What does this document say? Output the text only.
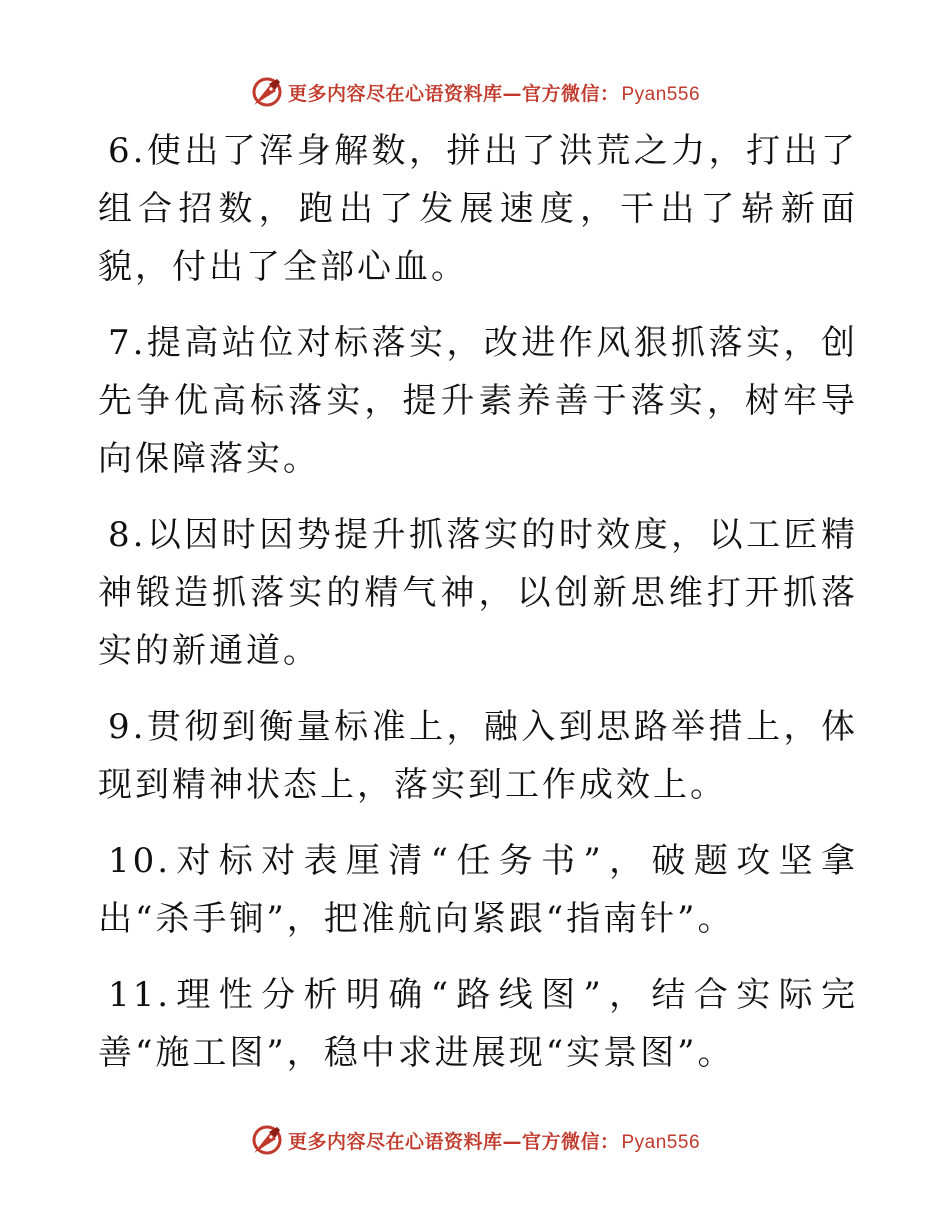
更多内容尽在心语资料库—官方微信： Pyan556

6.使出了浑身解数，拼出了洪荒之力，打出了组合招数，跑出了发展速度，干出了崭新面貌，付出了全部心血。

7.提高站位对标落实，改进作风狠抓落实，创先争优高标落实，提升素养善于落实，树牢导向保障落实。

8.以因时因势提升抓落实的时效度，以工匠精神锻造抓落实的精气神，以创新思维打开抓落实的新通道。

9.贯彻到衡量标准上，融入到思路举措上，体现到精神状态上，落实到工作成效上。

10.对标对表厘清“任务书”，破题攻坚拿出“杀手锏”，把准航向紧跟“指南针”。

11.理性分析明确“路线图”，结合实际完善“施工图”，稳中求进展现“实景图”。

更多内容尽在心语资料库—官方微信： Pyan556
